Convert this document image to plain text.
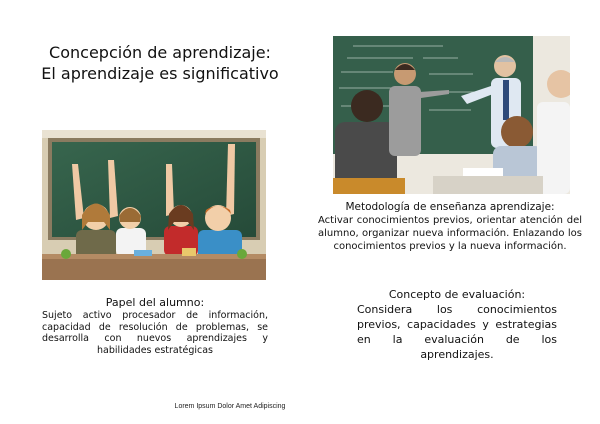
Concepción de aprendizaje:
El aprendizaje es significativo
Papel del alumno:
Sujeto activo procesador de información, capacidad de resolución de problemas, se desarrolla con nuevos aprendizajes y habilidades estratégicas
Metodología de enseñanza aprendizaje:
Activar conocimientos previos, orientar atención del alumno, organizar nueva información. Enlazando los conocimientos previos y la nueva información.
Concepto de evaluación:
Considera los conocimientos previos, capacidades y estrategias en la evaluación de los aprendizajes.
Lorem Ipsum Dolor Amet Adipiscing
